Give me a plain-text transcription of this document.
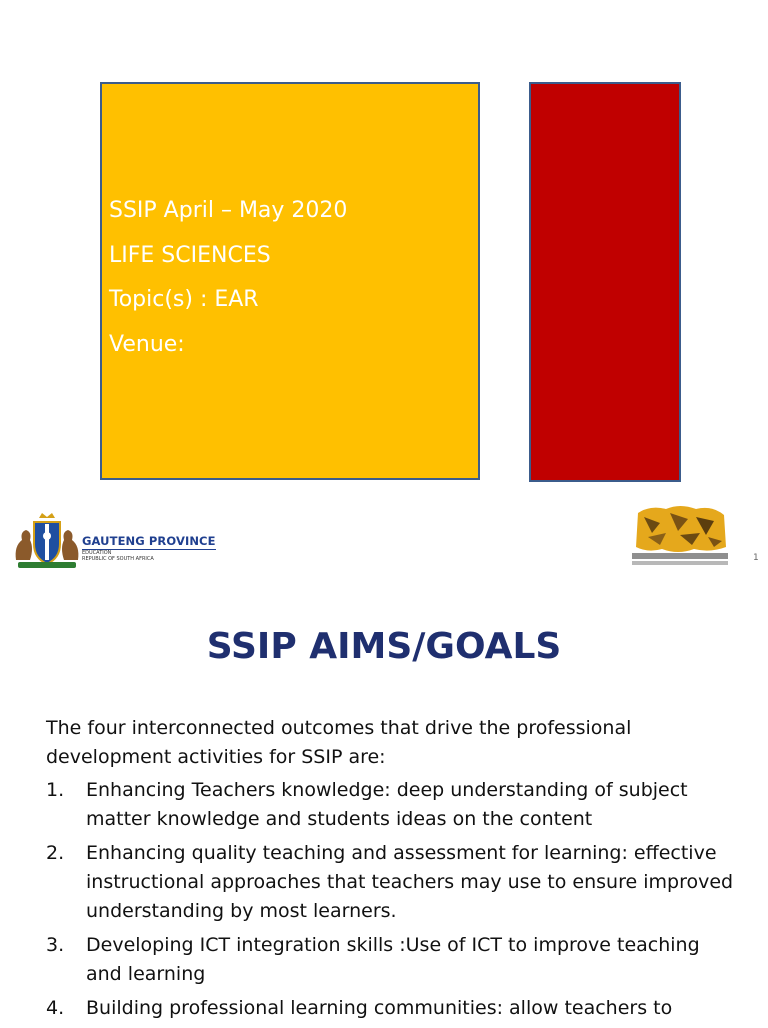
SSIP April – May 2020
LIFE SCIENCES
Topic(s) : EAR
Venue:
GAUTENG PROVINCE
EDUCATION
REPUBLIC OF SOUTH AFRICA	1
SSIP AIMS/GOALS

The four interconnected outcomes that drive the professional development activities for SSIP are:

1.	Enhancing Teachers knowledge: deep understanding of subject matter knowledge and students ideas on the content
2.	Enhancing quality teaching and assessment for learning: effective instructional approaches that teachers may use to ensure improved understanding by most learners.
3.	Developing ICT integration skills :Use of ICT to improve teaching and learning
4.	Building professional learning communities: allow teachers to
